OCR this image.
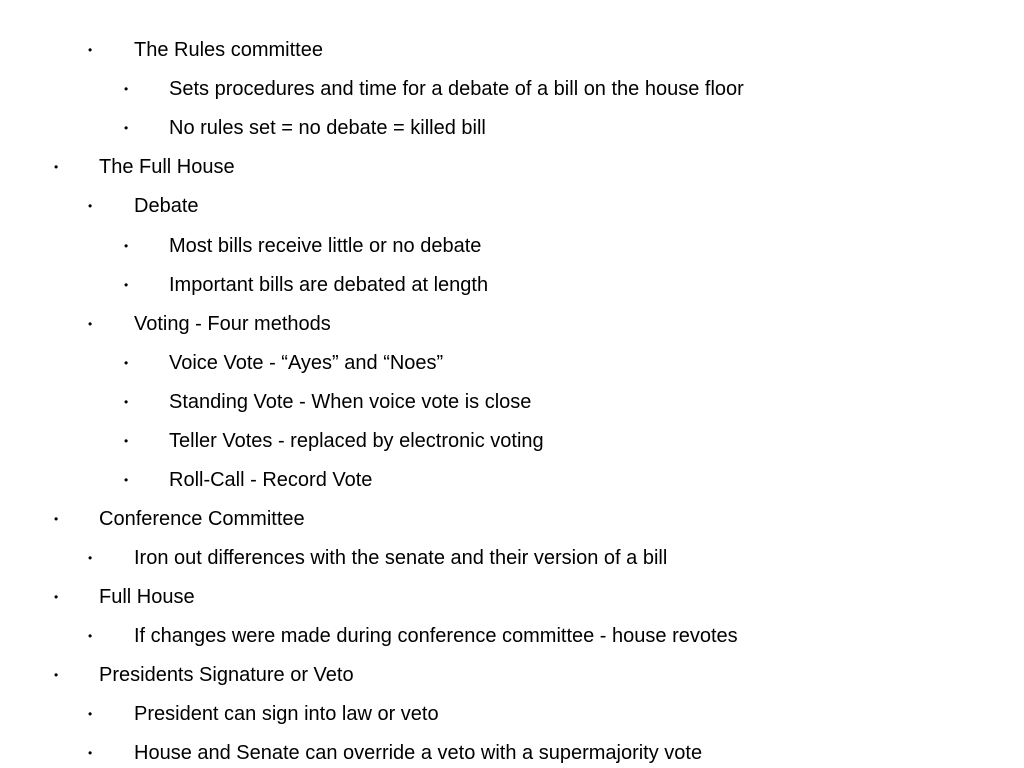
• The Rules committee
• Sets procedures and time for a debate of a bill on the house floor
• No rules set = no debate = killed bill
• The Full House
• Debate
• Most bills receive little or no debate
• Important bills are debated at length
• Voting - Four methods
• Voice Vote - “Ayes” and “Noes”
• Standing Vote - When voice vote is close
• Teller Votes - replaced by electronic voting
• Roll-Call - Record Vote
• Conference Committee
• Iron out differences with the senate and their version of a bill
• Full House
• If changes were made during conference committee - house revotes
• Presidents Signature or Veto
• President can sign into law or veto
• House and Senate can override a veto with a supermajority vote
